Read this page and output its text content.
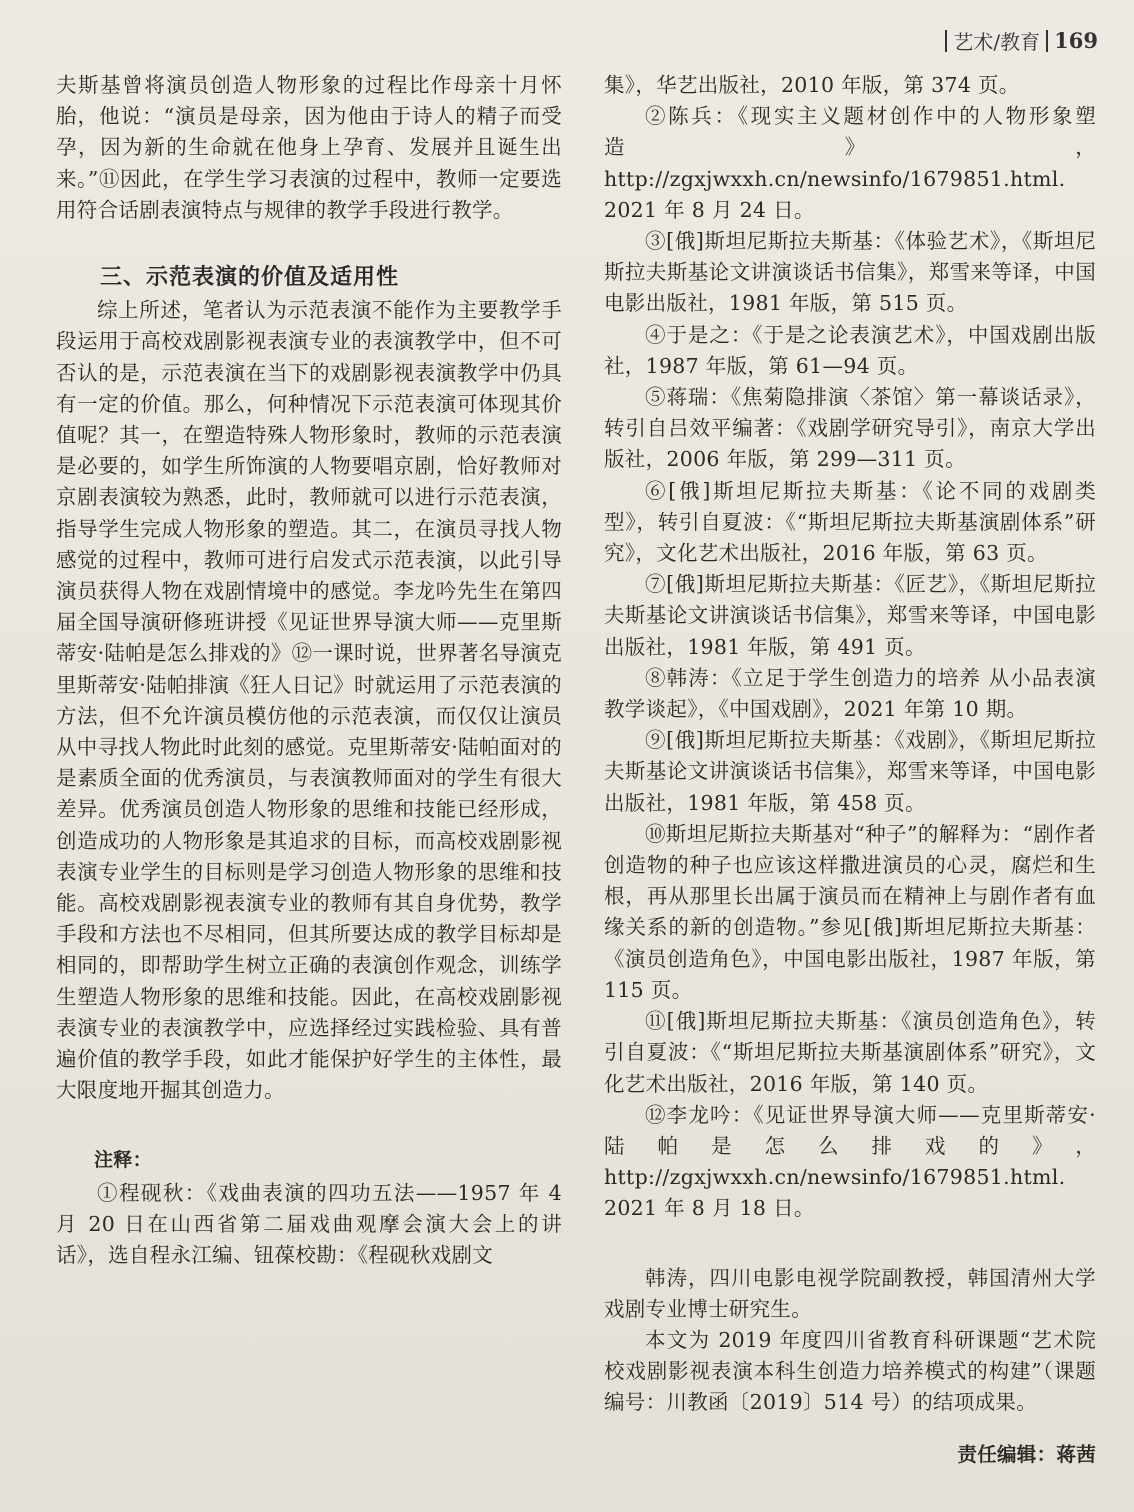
艺术/教育 169

夫斯基曾将演员创造人物形象的过程比作母亲十月怀胎，他说：“演员是母亲，因为他由于诗人的精子而受孕，因为新的生命就在他身上孕育、发展并且诞生出来。”⑪因此，在学生学习表演的过程中，教师一定要选用符合话剧表演特点与规律的教学手段进行教学。

三、示范表演的价值及适用性

综上所述，笔者认为示范表演不能作为主要教学手段运用于高校戏剧影视表演专业的表演教学中，但不可否认的是，示范表演在当下的戏剧影视表演教学中仍具有一定的价值。那么，何种情况下示范表演可体现其价值呢？其一，在塑造特殊人物形象时，教师的示范表演是必要的，如学生所饰演的人物要唱京剧，恰好教师对京剧表演较为熟悉，此时，教师就可以进行示范表演，指导学生完成人物形象的塑造。其二，在演员寻找人物感觉的过程中，教师可进行启发式示范表演，以此引导演员获得人物在戏剧情境中的感觉。李龙吟先生在第四届全国导演研修班讲授《见证世界导演大师——克里斯蒂安·陆帕是怎么排戏的》⑫一课时说，世界著名导演克里斯蒂安·陆帕排演《狂人日记》时就运用了示范表演的方法，但不允许演员模仿他的示范表演，而仅仅让演员从中寻找人物此时此刻的感觉。克里斯蒂安·陆帕面对的是素质全面的优秀演员，与表演教师面对的学生有很大差异。优秀演员创造人物形象的思维和技能已经形成，创造成功的人物形象是其追求的目标，而高校戏剧影视表演专业学生的目标则是学习创造人物形象的思维和技能。高校戏剧影视表演专业的教师有其自身优势，教学手段和方法也不尽相同，但其所要达成的教学目标却是相同的，即帮助学生树立正确的表演创作观念，训练学生塑造人物形象的思维和技能。因此，在高校戏剧影视表演专业的表演教学中，应选择经过实践检验、具有普遍价值的教学手段，如此才能保护好学生的主体性，最大限度地开掘其创造力。

注释：

①程砚秋：《戏曲表演的四功五法——1957 年 4 月 20 日在山西省第二届戏曲观摩会演大会上的讲话》，选自程永江编、钮葆校勘：《程砚秋戏剧文

集》，华艺出版社，2010 年版，第 374 页。

②陈兵：《现实主义题材创作中的人物形象塑造》，http://zgxjwxxh.cn/newsinfo/1679851.html. 2021 年 8 月 24 日。

③[俄]斯坦尼斯拉夫斯基：《体验艺术》，《斯坦尼斯拉夫斯基论文讲演谈话书信集》，郑雪来等译，中国电影出版社，1981 年版，第 515 页。

④于是之：《于是之论表演艺术》，中国戏剧出版社，1987 年版，第 61—94 页。

⑤蒋瑞：《焦菊隐排演〈茶馆〉第一幕谈话录》，转引自吕效平编著：《戏剧学研究导引》，南京大学出版社，2006 年版，第 299—311 页。

⑥[俄]斯坦尼斯拉夫斯基：《论不同的戏剧类型》，转引自夏波：《“斯坦尼斯拉夫斯基演剧体系”研究》，文化艺术出版社，2016 年版，第 63 页。

⑦[俄]斯坦尼斯拉夫斯基：《匠艺》，《斯坦尼斯拉夫斯基论文讲演谈话书信集》，郑雪来等译，中国电影出版社，1981 年版，第 491 页。

⑧韩涛：《立足于学生创造力的培养 从小品表演教学谈起》，《中国戏剧》，2021 年第 10 期。

⑨[俄]斯坦尼斯拉夫斯基：《戏剧》，《斯坦尼斯拉夫斯基论文讲演谈话书信集》，郑雪来等译，中国电影出版社，1981 年版，第 458 页。

⑩斯坦尼斯拉夫斯基对“种子”的解释为：“剧作者创造物的种子也应该这样撒进演员的心灵，腐烂和生根，再从那里长出属于演员而在精神上与剧作者有血缘关系的新的创造物。”参见[俄]斯坦尼斯拉夫斯基：《演员创造角色》，中国电影出版社，1987 年版，第 115 页。

⑪[俄]斯坦尼斯拉夫斯基：《演员创造角色》，转引自夏波：《“斯坦尼斯拉夫斯基演剧体系”研究》，文化艺术出版社，2016 年版，第 140 页。

⑫李龙吟：《见证世界导演大师——克里斯蒂安·陆帕是怎么排戏的》，http://zgxjwxxh.cn/newsinfo/1679851.html. 2021 年 8 月 18 日。

韩涛，四川电影电视学院副教授，韩国清州大学戏剧专业博士研究生。

本文为 2019 年度四川省教育科研课题“艺术院校戏剧影视表演本科生创造力培养模式的构建”（课题编号：川教函〔2019〕514 号）的结项成果。

责任编辑：蒋茜
